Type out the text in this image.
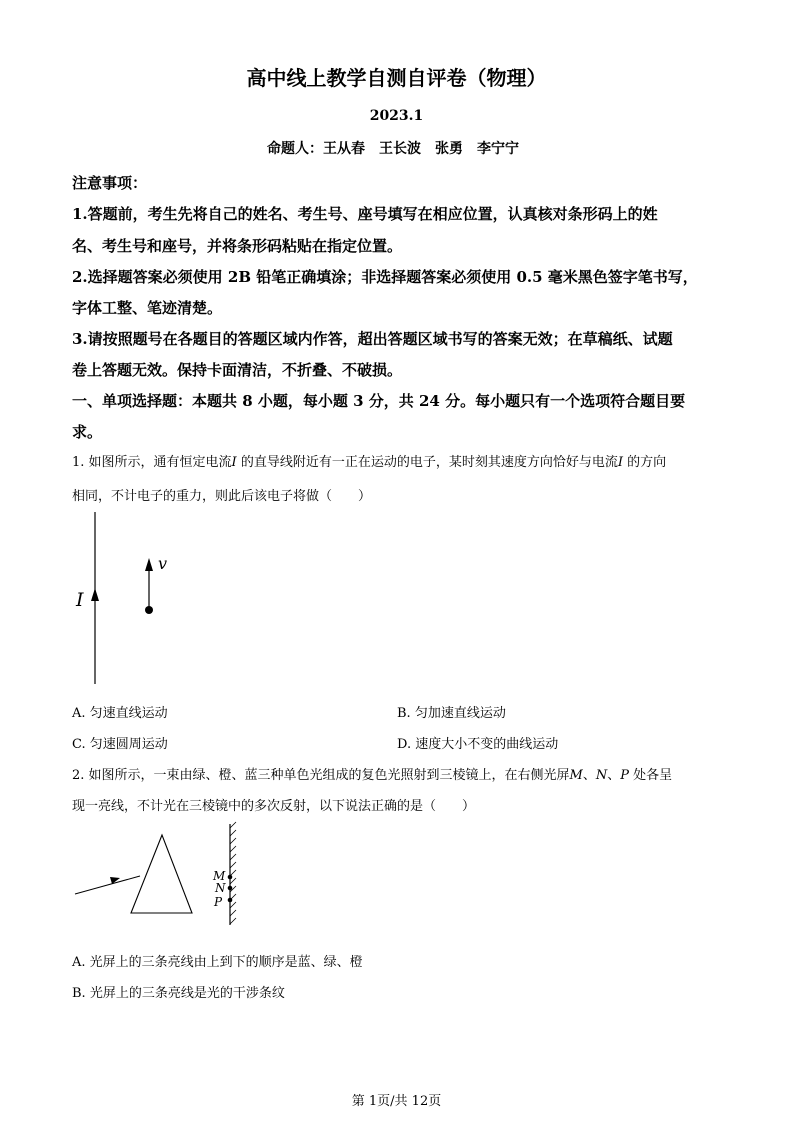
高中线上教学自测自评卷（物理）
2023.1
命题人：王从春 王长波 张勇 李宁宁
注意事项：
1.答题前，考生先将自己的姓名、考生号、座号填写在相应位置，认真核对条形码上的姓
名、考生号和座号，并将条形码粘贴在指定位置。
2.选择题答案必须使用 2B 铅笔正确填涂；非选择题答案必须使用 0.5 毫米黑色签字笔书写，
字体工整、笔迹清楚。
3.请按照题号在各题目的答题区域内作答，超出答题区域书写的答案无效；在草稿纸、试题
卷上答题无效。保持卡面清洁，不折叠、不破损。
一、单项选择题：本题共 8 小题，每小题 3 分，共 24 分。每小题只有一个选项符合题目要
求。
1. 如图所示，通有恒定电流I 的直导线附近有一正在运动的电子，某时刻其速度方向恰好与电流I 的方向
相同，不计电子的重力，则此后该电子将做（　　）
I
v
A. 匀速直线运动	B. 匀加速直线运动
C. 匀速圆周运动	D. 速度大小不变的曲线运动
2. 如图所示，一束由绿、橙、蓝三种单色光组成的复色光照射到三棱镜上，在右侧光屏M、N、P 处各呈
现一亮线，不计光在三棱镜中的多次反射，以下说法正确的是（　　）
M
N
P
A. 光屏上的三条亮线由上到下的顺序是蓝、绿、橙
B. 光屏上的三条亮线是光的干涉条纹
第 1页/共 12页
